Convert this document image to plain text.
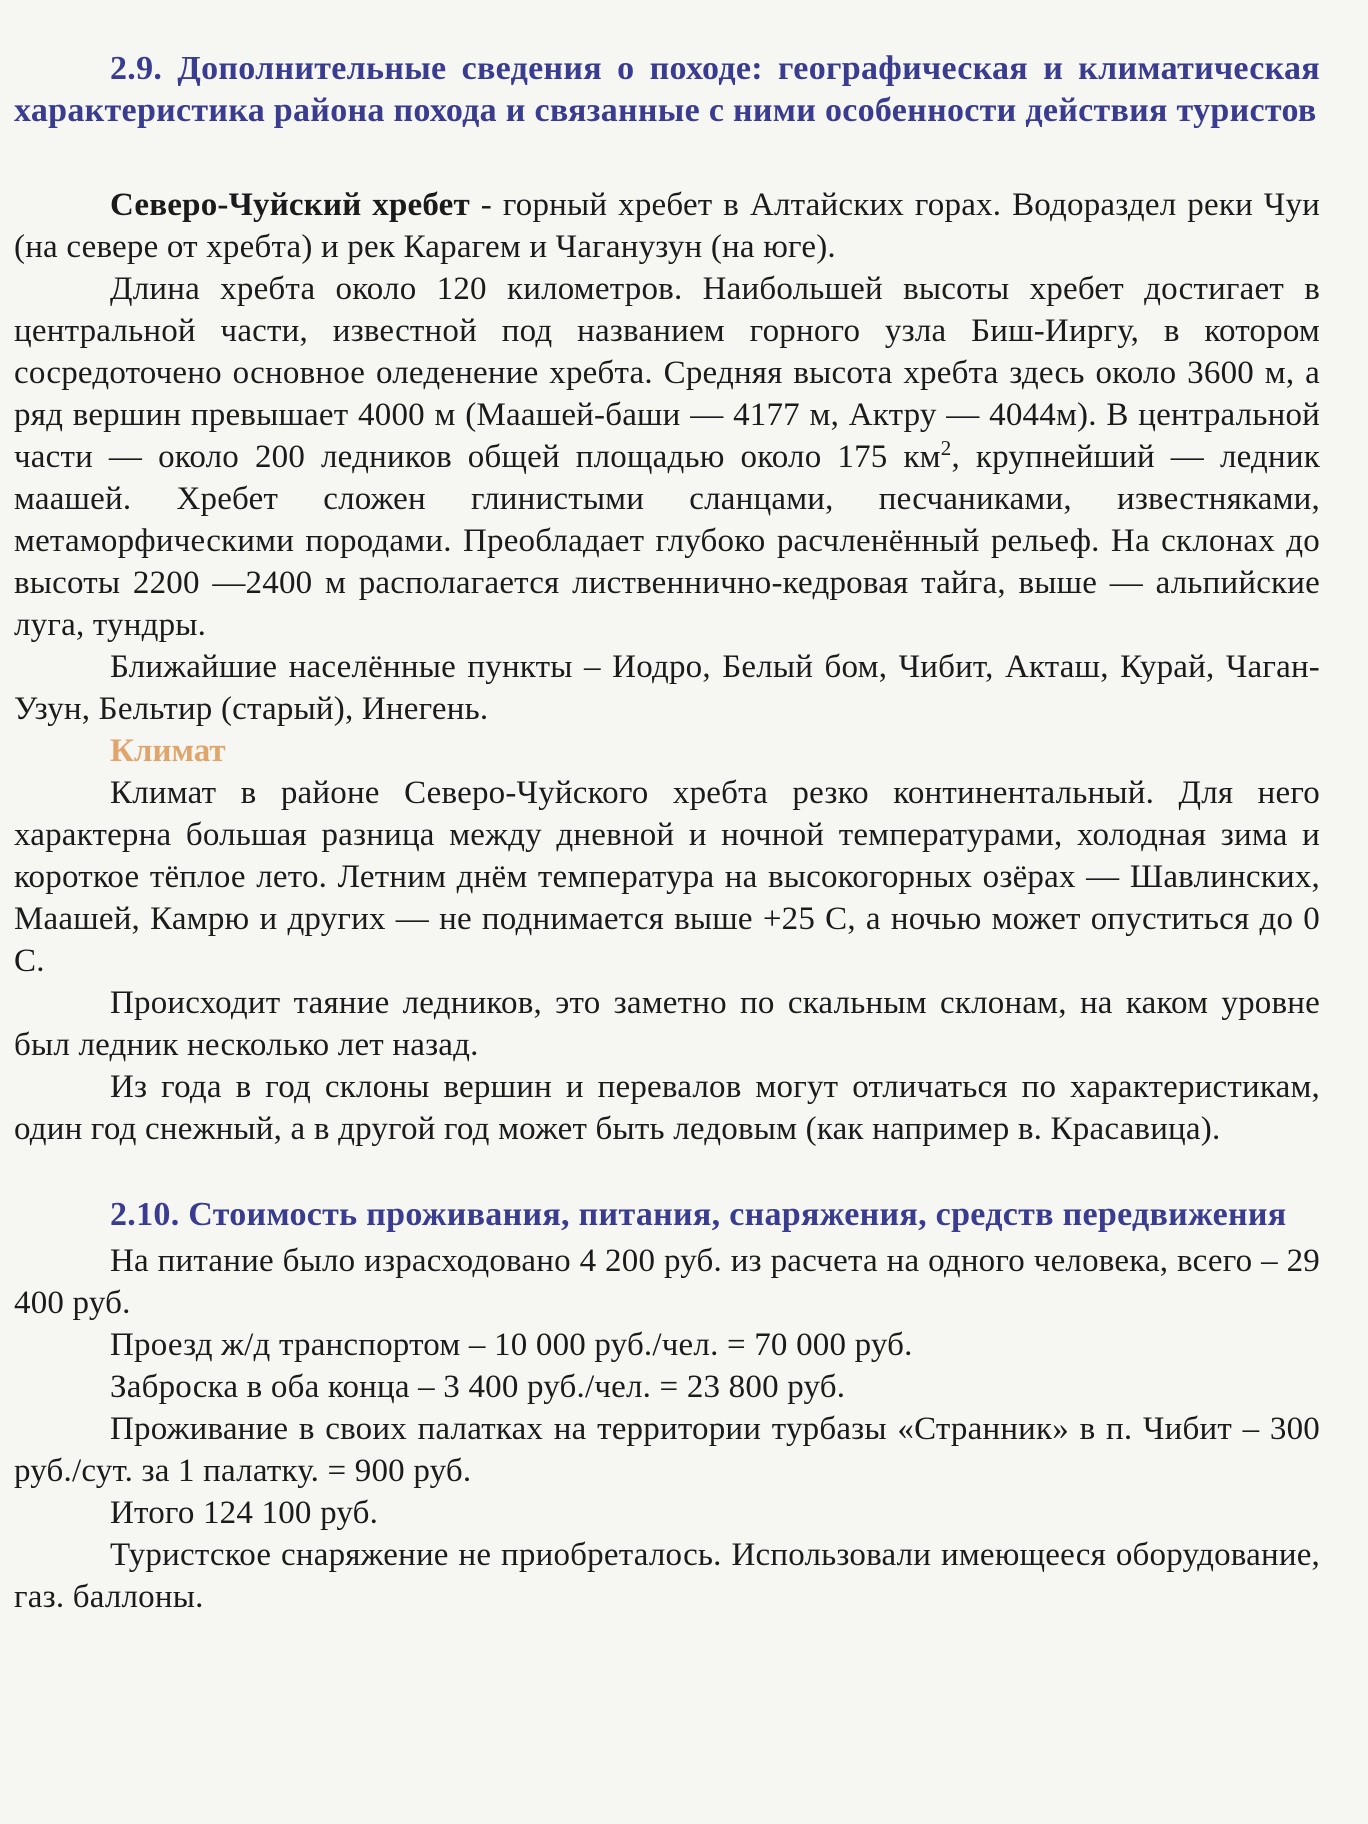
2.9. Дополнительные сведения о походе: географическая и климатическая характеристика района похода и связанные с ними особенности действия туристов

Северо-Чуйский хребет - горный хребет в Алтайских горах. Водораздел реки Чуи (на севере от хребта) и рек Карагем и Чаганузун (на юге).

Длина хребта около 120 километров. Наибольшей высоты хребет достигает в центральной части, известной под названием горного узла Биш-Ииргу, в котором сосредоточено основное оледенение хребта. Средняя высота хребта здесь около 3600 м, а ряд вершин превышает 4000 м (Маашей-баши — 4177 м, Актру — 4044м). В центральной части — около 200 ледников общей площадью около 175 $км^2$, крупнейший — ледник маашей. Хребет сложен глинистыми сланцами, песчаниками, известняками, метаморфическими породами. Преобладает глубоко расчленённый рельеф. На склонах до высоты 2200 —2400 м располагается лиственнично-кедровая тайга, выше — альпийские луга, тундры.

Ближайшие населённые пункты – Иодро, Белый бом, Чибит, Акташ, Курай, Чаган-Узун, Бельтир (старый), Инегень.

Климат

Климат в районе Северо-Чуйского хребта резко континентальный. Для него характерна большая разница между дневной и ночной температурами, холодная зима и короткое тёплое лето. Летним днём температура на высокогорных озёрах — Шавлинских, Маашей, Камрю и других — не поднимается выше +25 С, а ночью может опуститься до 0 С.

Происходит таяние ледников, это заметно по скальным склонам, на каком уровне был ледник несколько лет назад.

Из года в год склоны вершин и перевалов могут отличаться по характеристикам, один год снежный, а в другой год может быть ледовым (как например в. Красавица).

2.10. Стоимость проживания, питания, снаряжения, средств передвижения

На питание было израсходовано 4 200 руб. из расчета на одного человека, всего – 29 400 руб.

Проезд ж/д транспортом – 10 000 руб./чел. = 70 000 руб.

Заброска в оба конца – 3 400 руб./чел. = 23 800 руб.

Проживание в своих палатках на территории турбазы «Странник» в п. Чибит – 300 руб./сут. за 1 палатку. = 900 руб.

Итого 124 100 руб.

Туристское снаряжение не приобреталось. Использовали имеющееся оборудование, газ. баллоны.
